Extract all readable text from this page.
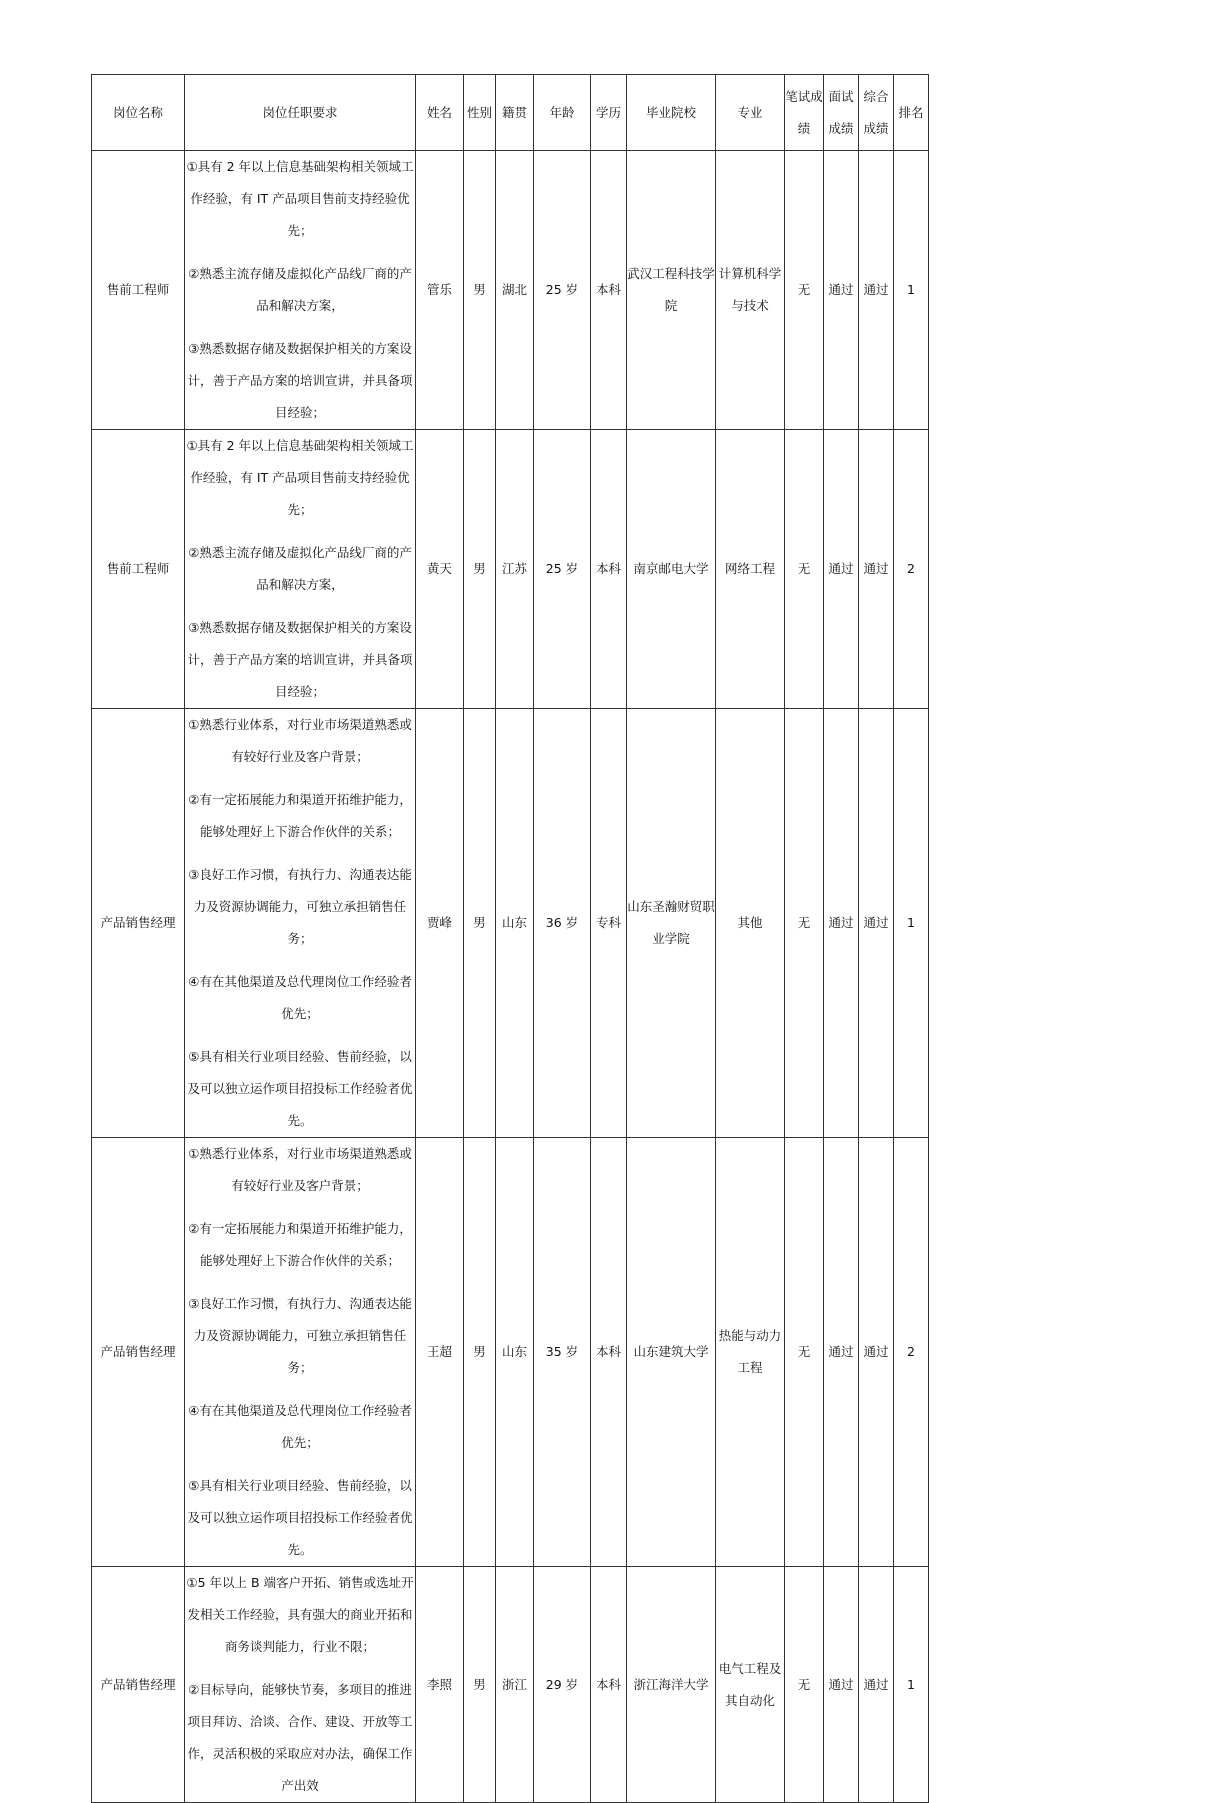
岗位名称	岗位任职要求	姓名	性别	籍贯	年龄	学历	毕业院校	专业	笔试成绩	面试成绩	综合成绩	排名
售前工程师	①具有 2 年以上信息基础架构相关领域工作经验，有 IT 产品项目售前支持经验优先；

②熟悉主流存储及虚拟化产品线厂商的产品和解决方案，

③熟悉数据存储及数据保护相关的方案设计，善于产品方案的培训宣讲，并具备项目经验；	管乐	男	湖北	25 岁	本科	武汉工程科技学院	计算机科学与技术	无	通过	通过	1
售前工程师	①具有 2 年以上信息基础架构相关领域工作经验，有 IT 产品项目售前支持经验优先；

②熟悉主流存储及虚拟化产品线厂商的产品和解决方案，

③熟悉数据存储及数据保护相关的方案设计，善于产品方案的培训宣讲，并具备项目经验；	黄天	男	江苏	25 岁	本科	南京邮电大学	网络工程	无	通过	通过	2
产品销售经理	①熟悉行业体系，对行业市场渠道熟悉或有较好行业及客户背景；

②有一定拓展能力和渠道开拓维护能力，能够处理好上下游合作伙伴的关系；

③良好工作习惯，有执行力、沟通表达能力及资源协调能力，可独立承担销售任务；

④有在其他渠道及总代理岗位工作经验者优先；

⑤具有相关行业项目经验、售前经验，以及可以独立运作项目招投标工作经验者优先。	贾峰	男	山东	36 岁	专科	山东圣瀚财贸职业学院	其他	无	通过	通过	1
产品销售经理	①熟悉行业体系，对行业市场渠道熟悉或有较好行业及客户背景；

②有一定拓展能力和渠道开拓维护能力，能够处理好上下游合作伙伴的关系；

③良好工作习惯，有执行力、沟通表达能力及资源协调能力，可独立承担销售任务；

④有在其他渠道及总代理岗位工作经验者优先；

⑤具有相关行业项目经验、售前经验，以及可以独立运作项目招投标工作经验者优先。	王超	男	山东	35 岁	本科	山东建筑大学	热能与动力工程	无	通过	通过	2
产品销售经理	①5 年以上 B 端客户开拓、销售或选址开发相关工作经验，具有强大的商业开拓和商务谈判能力，行业不限；

②目标导向，能够快节奏，多项目的推进项目拜访、洽谈、合作、建设、开放等工作，灵活积极的采取应对办法，确保工作产出效	李照	男	浙江	29 岁	本科	浙江海洋大学	电气工程及其自动化	无	通过	通过	1
